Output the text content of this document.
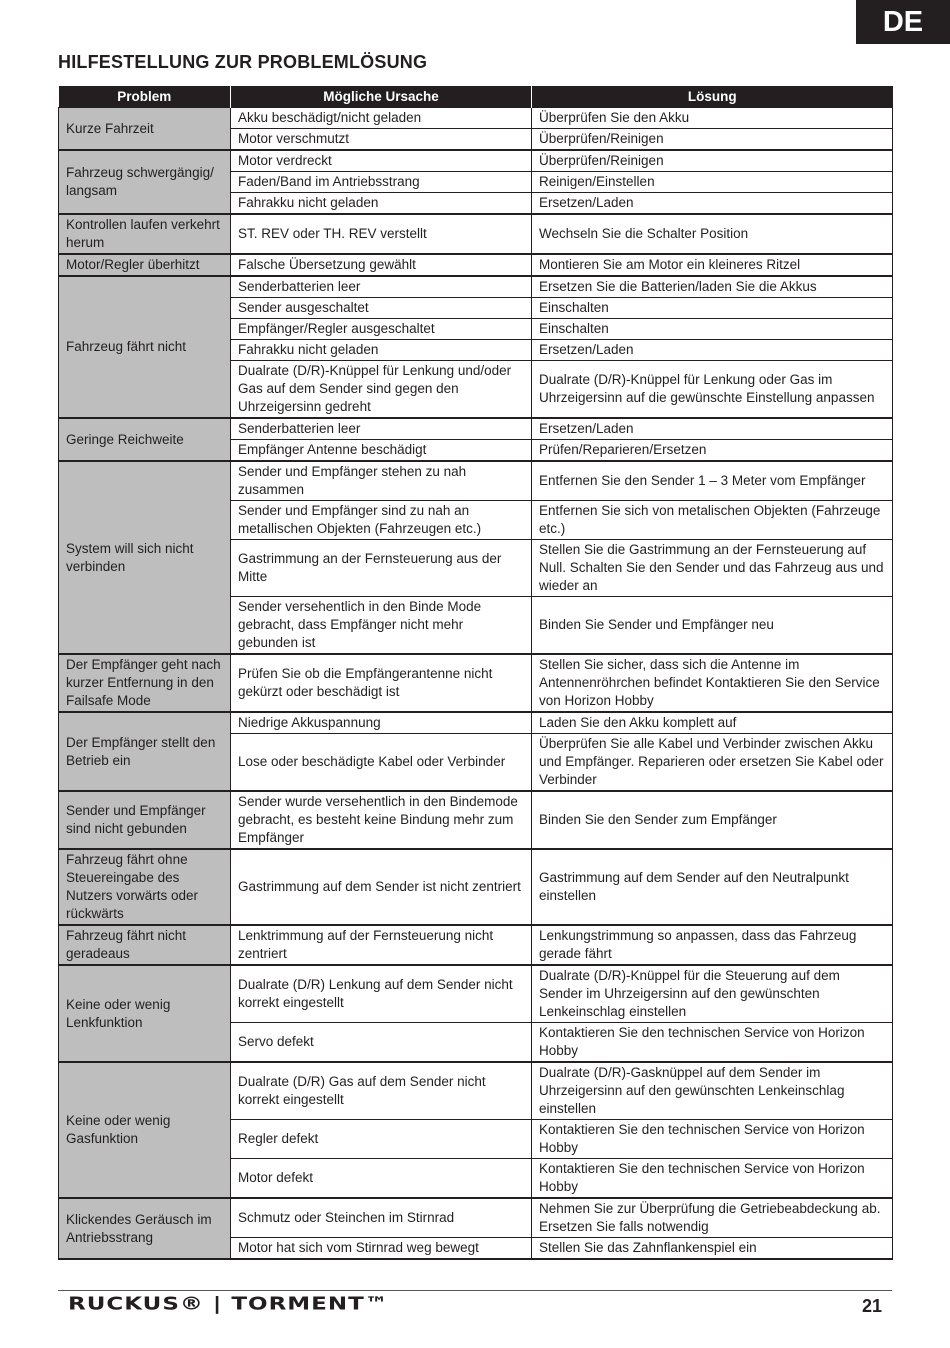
DE
HILFESTELLUNG ZUR PROBLEMLÖSUNG
Problem	Mögliche Ursache	Lösung
Kurze Fahrzeit	Akku beschädigt/nicht geladen	Überprüfen Sie den Akku
	Motor verschmutzt	Überprüfen/Reinigen
Fahrzeug schwergängig/ langsam	Motor verdreckt	Überprüfen/Reinigen
	Faden/Band im Antriebsstrang	Reinigen/Einstellen
	Fahrakku nicht geladen	Ersetzen/Laden
Kontrollen laufen verkehrt herum	ST. REV oder TH. REV verstellt	Wechseln Sie die Schalter Position
Motor/Regler überhitzt	Falsche Übersetzung gewählt	Montieren Sie am Motor ein kleineres Ritzel
Fahrzeug fährt nicht	Senderbatterien leer	Ersetzen Sie die Batterien/laden Sie die Akkus
	Sender ausgeschaltet	Einschalten
	Empfänger/Regler ausgeschaltet	Einschalten
	Fahrakku nicht geladen	Ersetzen/Laden
	Dualrate (D/R)-Knüppel für Lenkung und/oder Gas auf dem Sender sind gegen den Uhrzeigersinn gedreht	Dualrate (D/R)-Knüppel für Lenkung oder Gas im Uhrzeigersinn auf die gewünschte Einstellung anpassen
Geringe Reichweite	Senderbatterien leer	Ersetzen/Laden
	Empfänger Antenne beschädigt	Prüfen/Reparieren/Ersetzen
System will sich nicht verbinden	Sender und Empfänger stehen zu nah zusammen	Entfernen Sie den Sender 1 – 3 Meter vom Empfänger
	Sender und Empfänger sind zu nah an metallischen Objekten (Fahrzeugen etc.)	Entfernen Sie sich von metalischen Objekten (Fahrzeuge etc.)
	Gastrimmung an der Fernsteuerung aus der Mitte	Stellen Sie die Gastrimmung an der Fernsteuerung auf Null. Schalten Sie den Sender und das Fahrzeug aus und wieder an
	Sender versehentlich in den Binde Mode gebracht, dass Empfänger nicht mehr gebunden ist	Binden Sie Sender und Empfänger neu
Der Empfänger geht nach kurzer Entfernung in den Failsafe Mode	Prüfen Sie ob die Empfängerantenne nicht gekürzt oder beschädigt ist	Stellen Sie sicher, dass sich die Antenne im Antennenröhrchen befindet Kontaktieren Sie den Service von Horizon Hobby
Der Empfänger stellt den Betrieb ein	Niedrige Akkuspannung	Laden Sie den Akku komplett auf
	Lose oder beschädigte Kabel oder Verbinder	Überprüfen Sie alle Kabel und Verbinder zwischen Akku und Empfänger. Reparieren oder ersetzen Sie Kabel oder Verbinder
Sender und Empfänger sind nicht gebunden	Sender wurde versehentlich in den Bindemode gebracht, es besteht keine Bindung mehr zum Empfänger	Binden Sie den Sender zum Empfänger
Fahrzeug fährt ohne Steuereingabe des Nutzers vorwärts oder rückwärts	Gastrimmung auf dem Sender ist nicht zentriert	Gastrimmung auf dem Sender auf den Neutralpunkt einstellen
Fahrzeug fährt nicht geradeaus	Lenktrimmung auf der Fernsteuerung nicht zentriert	Lenkungstrimmung so anpassen, dass das Fahrzeug gerade fährt
Keine oder wenig Lenkfunktion	Dualrate (D/R) Lenkung auf dem Sender nicht korrekt eingestellt	Dualrate (D/R)-Knüppel für die Steuerung auf dem Sender im Uhrzeigersinn auf den gewünschten Lenkeinschlag einstellen
	Servo defekt	Kontaktieren Sie den technischen Service von Horizon Hobby
Keine oder wenig Gasfunktion	Dualrate (D/R) Gas auf dem Sender nicht korrekt eingestellt	Dualrate (D/R)-Gasknüppel auf dem Sender im Uhrzeigersinn auf den gewünschten Lenkeinschlag einstellen
	Regler defekt	Kontaktieren Sie den technischen Service von Horizon Hobby
	Motor defekt	Kontaktieren Sie den technischen Service von Horizon Hobby
Klickendes Geräusch im Antriebsstrang	Schmutz oder Steinchen im Stirnrad	Nehmen Sie zur Überprüfung die Getriebeabdeckung ab. Ersetzen Sie falls notwendig
	Motor hat sich vom Stirnrad weg bewegt	Stellen Sie das Zahnflankenspiel ein
RUCKUS® | TORMENT™	21
